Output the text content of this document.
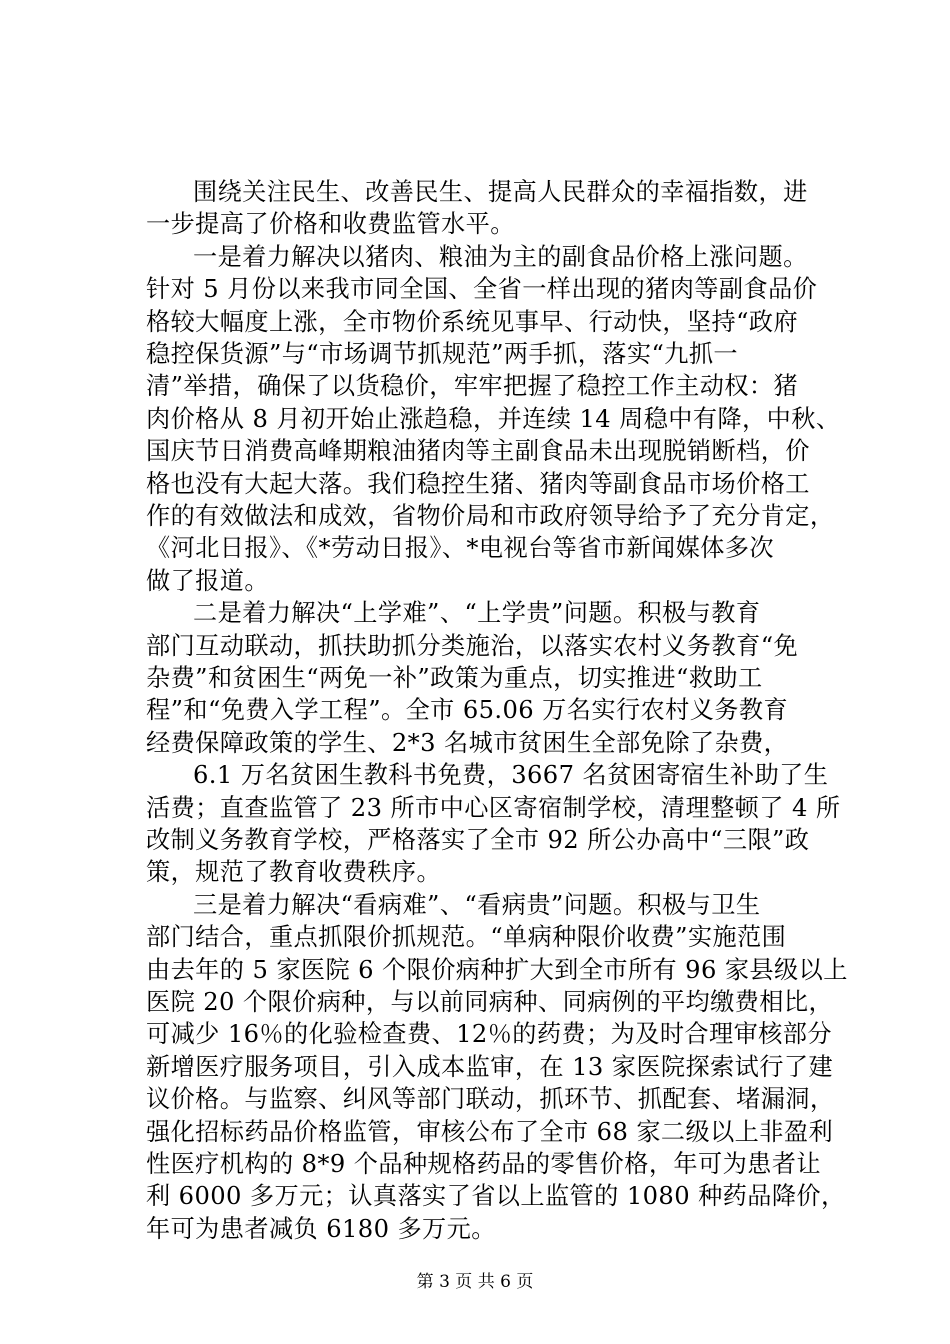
围绕关注民生、改善民生、提高人民群众的幸福指数，进
一步提高了价格和收费监管水平。
一是着力解决以猪肉、粮油为主的副食品价格上涨问题。
针对 5 月份以来我市同全国、全省一样出现的猪肉等副食品价
格较大幅度上涨，全市物价系统见事早、行动快，坚持“政府
稳控保货源”与“市场调节抓规范”两手抓，落实“九抓一
清”举措，确保了以货稳价，牢牢把握了稳控工作主动权：猪
肉价格从 8 月初开始止涨趋稳，并连续 14 周稳中有降，中秋、
国庆节日消费高峰期粮油猪肉等主副食品未出现脱销断档，价
格也没有大起大落。我们稳控生猪、猪肉等副食品市场价格工
作的有效做法和成效，省物价局和市政府领导给予了充分肯定，
《河北日报》、《*劳动日报》、*电视台等省市新闻媒体多次
做了报道。
二是着力解决“上学难”、“上学贵”问题。积极与教育
部门互动联动，抓扶助抓分类施治，以落实农村义务教育“免
杂费”和贫困生“两免一补”政策为重点，切实推进“救助工
程”和“免费入学工程”。全市 65.06 万名实行农村义务教育
经费保障政策的学生、2*3 名城市贫困生全部免除了杂费，
6.1 万名贫困生教科书免费，3667 名贫困寄宿生补助了生
活费；直查监管了 23 所市中心区寄宿制学校，清理整顿了 4 所
改制义务教育学校，严格落实了全市 92 所公办高中“三限”政
策，规范了教育收费秩序。
三是着力解决“看病难”、“看病贵”问题。积极与卫生
部门结合，重点抓限价抓规范。“单病种限价收费”实施范围
由去年的 5 家医院 6 个限价病种扩大到全市所有 96 家县级以上
医院 20 个限价病种，与以前同病种、同病例的平均缴费相比，
可减少 16％的化验检查费、12％的药费；为及时合理审核部分
新增医疗服务项目，引入成本监审，在 13 家医院探索试行了建
议价格。与监察、纠风等部门联动，抓环节、抓配套、堵漏洞，
强化招标药品价格监管，审核公布了全市 68 家二级以上非盈利
性医疗机构的 8*9 个品种规格药品的零售价格，年可为患者让
利 6000 多万元；认真落实了省以上监管的 1080 种药品降价，
年可为患者减负 6180 多万元。
第 3 页 共 6 页
